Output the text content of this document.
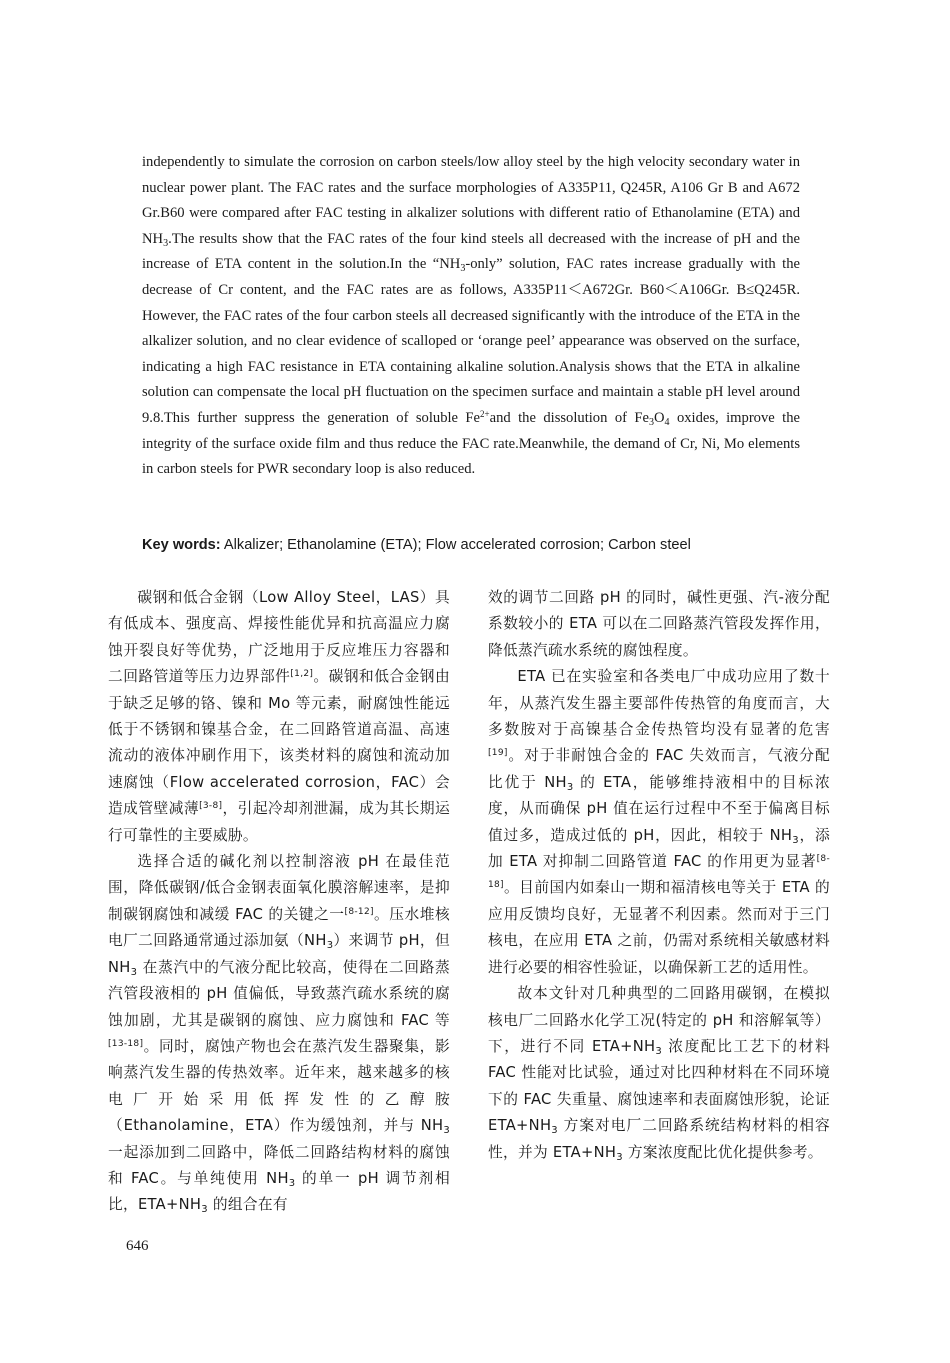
independently to simulate the corrosion on carbon steels/low alloy steel by the high velocity secondary water in nuclear power plant. The FAC rates and the surface morphologies of A335P11, Q245R, A106 Gr B and A672 Gr.B60 were compared after FAC testing in alkalizer solutions with different ratio of Ethanolamine (ETA) and $NH_3.The$ results show that the FAC rates of the four kind steels all decreased with the increase of pH and the increase of ETA content in the solution.In the “$NH_3$-only” solution, FAC rates increase gradually with the decrease of Cr content, and the FAC rates are as follows, A335P11＜A672Gr. B60＜A106Gr. B≤Q245R. However, the FAC rates of the four carbon steels all decreased significantly with the introduce of the ETA in the alkalizer solution, and no clear evidence of scalloped or ‘orange peel’ appearance was observed on the surface, indicating a high FAC resistance in ETA containing alkaline solution.Analysis shows that the ETA in alkaline solution can compensate the local pH fluctuation on the specimen surface and maintain a stable pH level around 9.8.This further suppress the generation of soluble $Fe^{2+}and$ the dissolution of $Fe_3O_4$ oxides, improve the integrity of the surface oxide film and thus reduce the FAC rate.Meanwhile, the demand of Cr, Ni, Mo elements in carbon steels for PWR secondary loop is also reduced.

Key words: Alkalizer; Ethanolamine (ETA); Flow accelerated corrosion; Carbon steel

碳钢和低合金钢（Low Alloy Steel，LAS）具有低成本、强度高、焊接性能优异和抗高温应力腐蚀开裂良好等优势，广泛地用于反应堆压力容器和二回路管道等压力边界部件[1,2]。碳钢和低合金钢由于缺乏足够的铬、镍和 Mo 等元素，耐腐蚀性能远低于不锈钢和镍基合金，在二回路管道高温、高速流动的液体冲刷作用下，该类材料的腐蚀和流动加速腐蚀（Flow accelerated corrosion，FAC）会造成管壁减薄[3-8]，引起冷却剂泄漏，成为其长期运行可靠性的主要威胁。

选择合适的碱化剂以控制溶液 pH 在最佳范围，降低碳钢/低合金钢表面氧化膜溶解速率，是抑制碳钢腐蚀和减缓 FAC 的关键之一[8-12]。压水堆核电厂二回路通常通过添加氨$(NH_3)$来调节 pH，但 $NH_3$ 在蒸汽中的气液分配比较高，使得在二回路蒸汽管段液相的 pH 值偏低，导致蒸汽疏水系统的腐蚀加剧，尤其是碳钢的腐蚀、应力腐蚀和 FAC 等[13-18]。同时，腐蚀产物也会在蒸汽发生器聚集，影响蒸汽发生器的传热效率。近年来，越来越多的核电厂开始采用低挥发性的乙醇胺（Ethanolamine，ETA）作为缓蚀剂，并与 $NH_3$ 一起添加到二回路中，降低二回路结构材料的腐蚀和 FAC。与单纯使用 $NH_3$ 的单一 pH 调节剂相比，$ETA+NH_3$ 的组合在有

效的调节二回路 pH 的同时，碱性更强、汽-液分配系数较小的 ETA 可以在二回路蒸汽管段发挥作用，降低蒸汽疏水系统的腐蚀程度。

ETA 已在实验室和各类电厂中成功应用了数十年，从蒸汽发生器主要部件传热管的角度而言，大多数胺对于高镍基合金传热管均没有显著的危害[19]。对于非耐蚀合金的 FAC 失效而言，气液分配比优于 $NH_3$ 的 ETA，能够维持液相中的目标浓度，从而确保 pH 值在运行过程中不至于偏离目标值过多，造成过低的 pH，因此，相较于 $NH_3$，添加 ETA 对抑制二回路管道 FAC 的作用更为显著[8-18]。目前国内如秦山一期和福清核电等关于 ETA 的应用反馈均良好，无显著不利因素。然而对于三门核电，在应用 ETA 之前，仍需对系统相关敏感材料进行必要的相容性验证，以确保新工艺的适用性。

故本文针对几种典型的二回路用碳钢，在模拟核电厂二回路水化学工况(特定的 pH 和溶解氧等）下，进行不同 $ETA+NH_3$ 浓度配比工艺下的材料 FAC 性能对比试验，通过对比四种材料在不同环境下的 FAC 失重量、腐蚀速率和表面腐蚀形貌，论证 $ETA+NH_3$ 方案对电厂二回路系统结构材料的相容性，并为 $ETA+NH_3$ 方案浓度配比优化提供参考。

646
